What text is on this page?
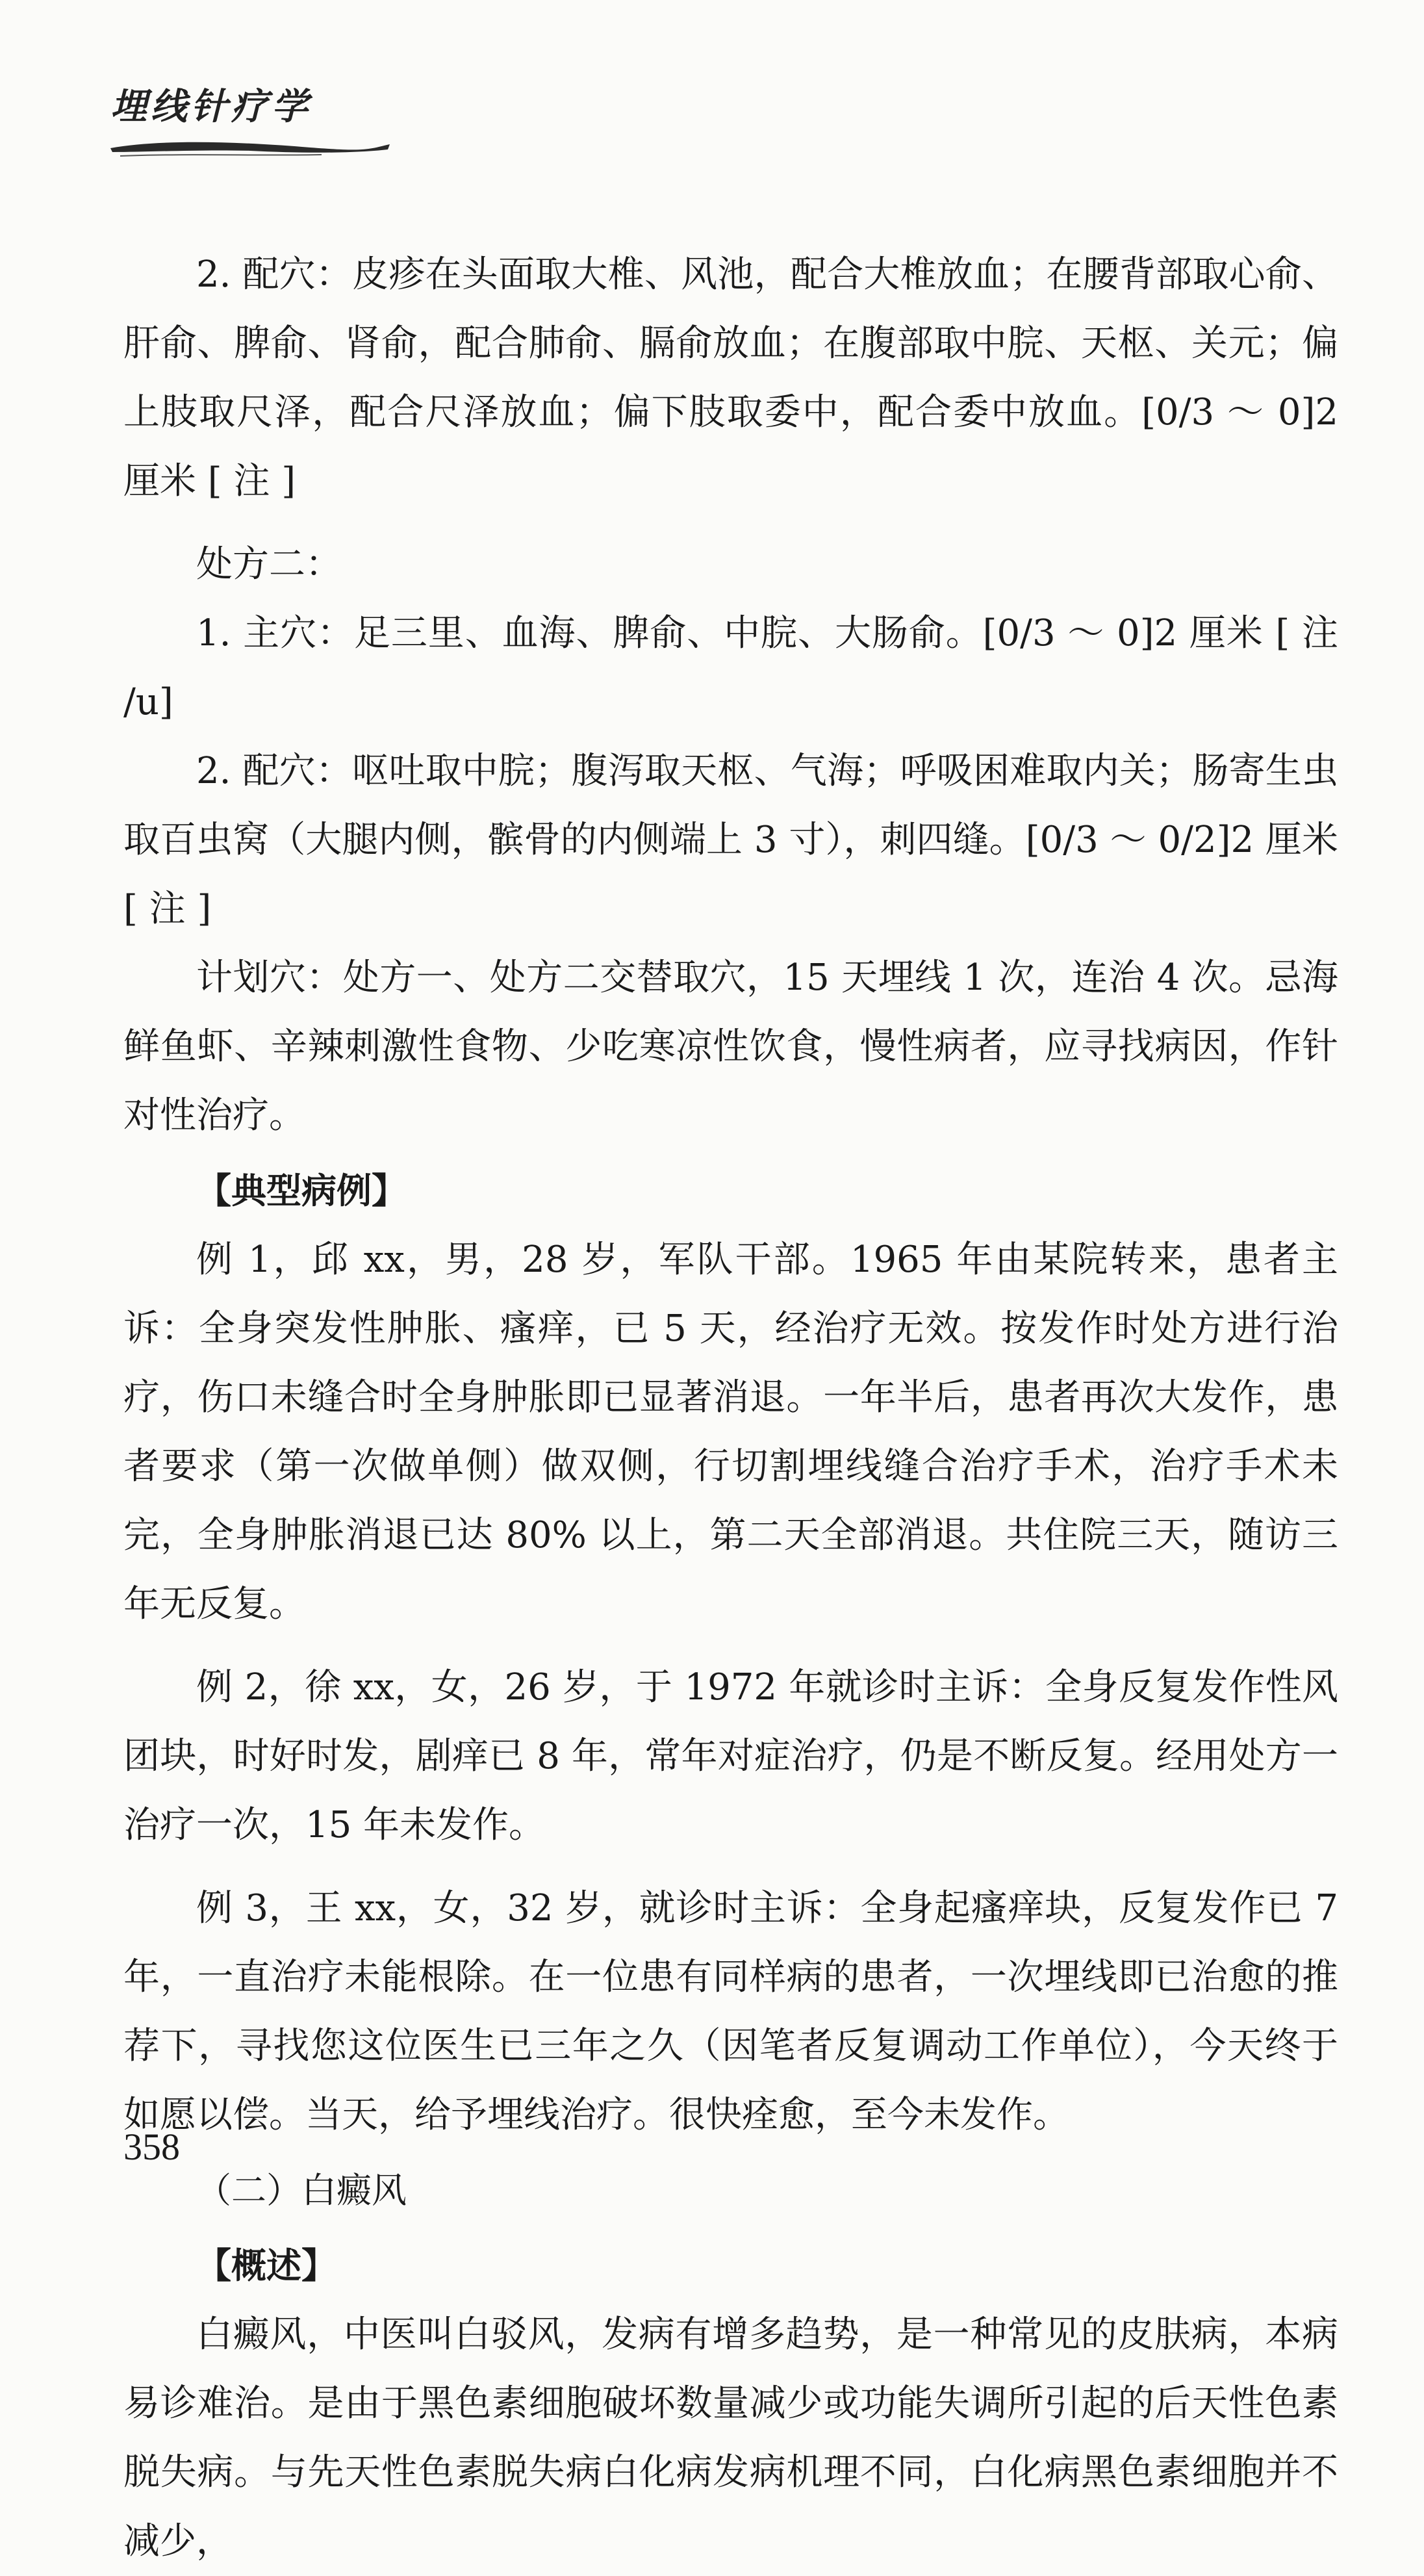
埋线针疗学

2. 配穴：皮疹在头面取大椎、风池，配合大椎放血；在腰背部取心俞、肝俞、脾俞、肾俞，配合肺俞、膈俞放血；在腹部取中脘、天枢、关元；偏上肢取尺泽，配合尺泽放血；偏下肢取委中，配合委中放血。[0/3 ～ 0]2 厘米 [ 注 ]

处方二：

1. 主穴：足三里、血海、脾俞、中脘、大肠俞。[0/3 ～ 0]2 厘米 [ 注 /u]

2. 配穴：呕吐取中脘；腹泻取天枢、气海；呼吸困难取内关；肠寄生虫取百虫窝（大腿内侧，髌骨的内侧端上 3 寸），刺四缝。[0/3 ～ 0/2]2 厘米 [ 注 ]

计划穴：处方一、处方二交替取穴，15 天埋线 1 次，连治 4 次。忌海鲜鱼虾、辛辣刺激性食物、少吃寒凉性饮食，慢性病者，应寻找病因，作针对性治疗。

【典型病例】

例 1，邱 xx，男，28 岁，军队干部。1965 年由某院转来，患者主诉：全身突发性肿胀、瘙痒，已 5 天，经治疗无效。按发作时处方进行治疗，伤口未缝合时全身肿胀即已显著消退。一年半后，患者再次大发作，患者要求（第一次做单侧）做双侧，行切割埋线缝合治疗手术，治疗手术未完，全身肿胀消退已达 80% 以上，第二天全部消退。共住院三天，随访三年无反复。

例 2，徐 xx，女，26 岁，于 1972 年就诊时主诉：全身反复发作性风团块，时好时发，剧痒已 8 年，常年对症治疗，仍是不断反复。经用处方一治疗一次，15 年未发作。

例 3，王 xx，女，32 岁，就诊时主诉：全身起瘙痒块，反复发作已 7 年，一直治疗未能根除。在一位患有同样病的患者，一次埋线即已治愈的推荐下，寻找您这位医生已三年之久（因笔者反复调动工作单位），今天终于如愿以偿。当天，给予埋线治疗。很快痊愈，至今未发作。

（二）白癜风
【概述】

白癜风，中医叫白驳风，发病有增多趋势，是一种常见的皮肤病，本病易诊难治。是由于黑色素细胞破坏数量减少或功能失调所引起的后天性色素脱失病。与先天性色素脱失病白化病发病机理不同，白化病黑色素细胞并不减少，

358
